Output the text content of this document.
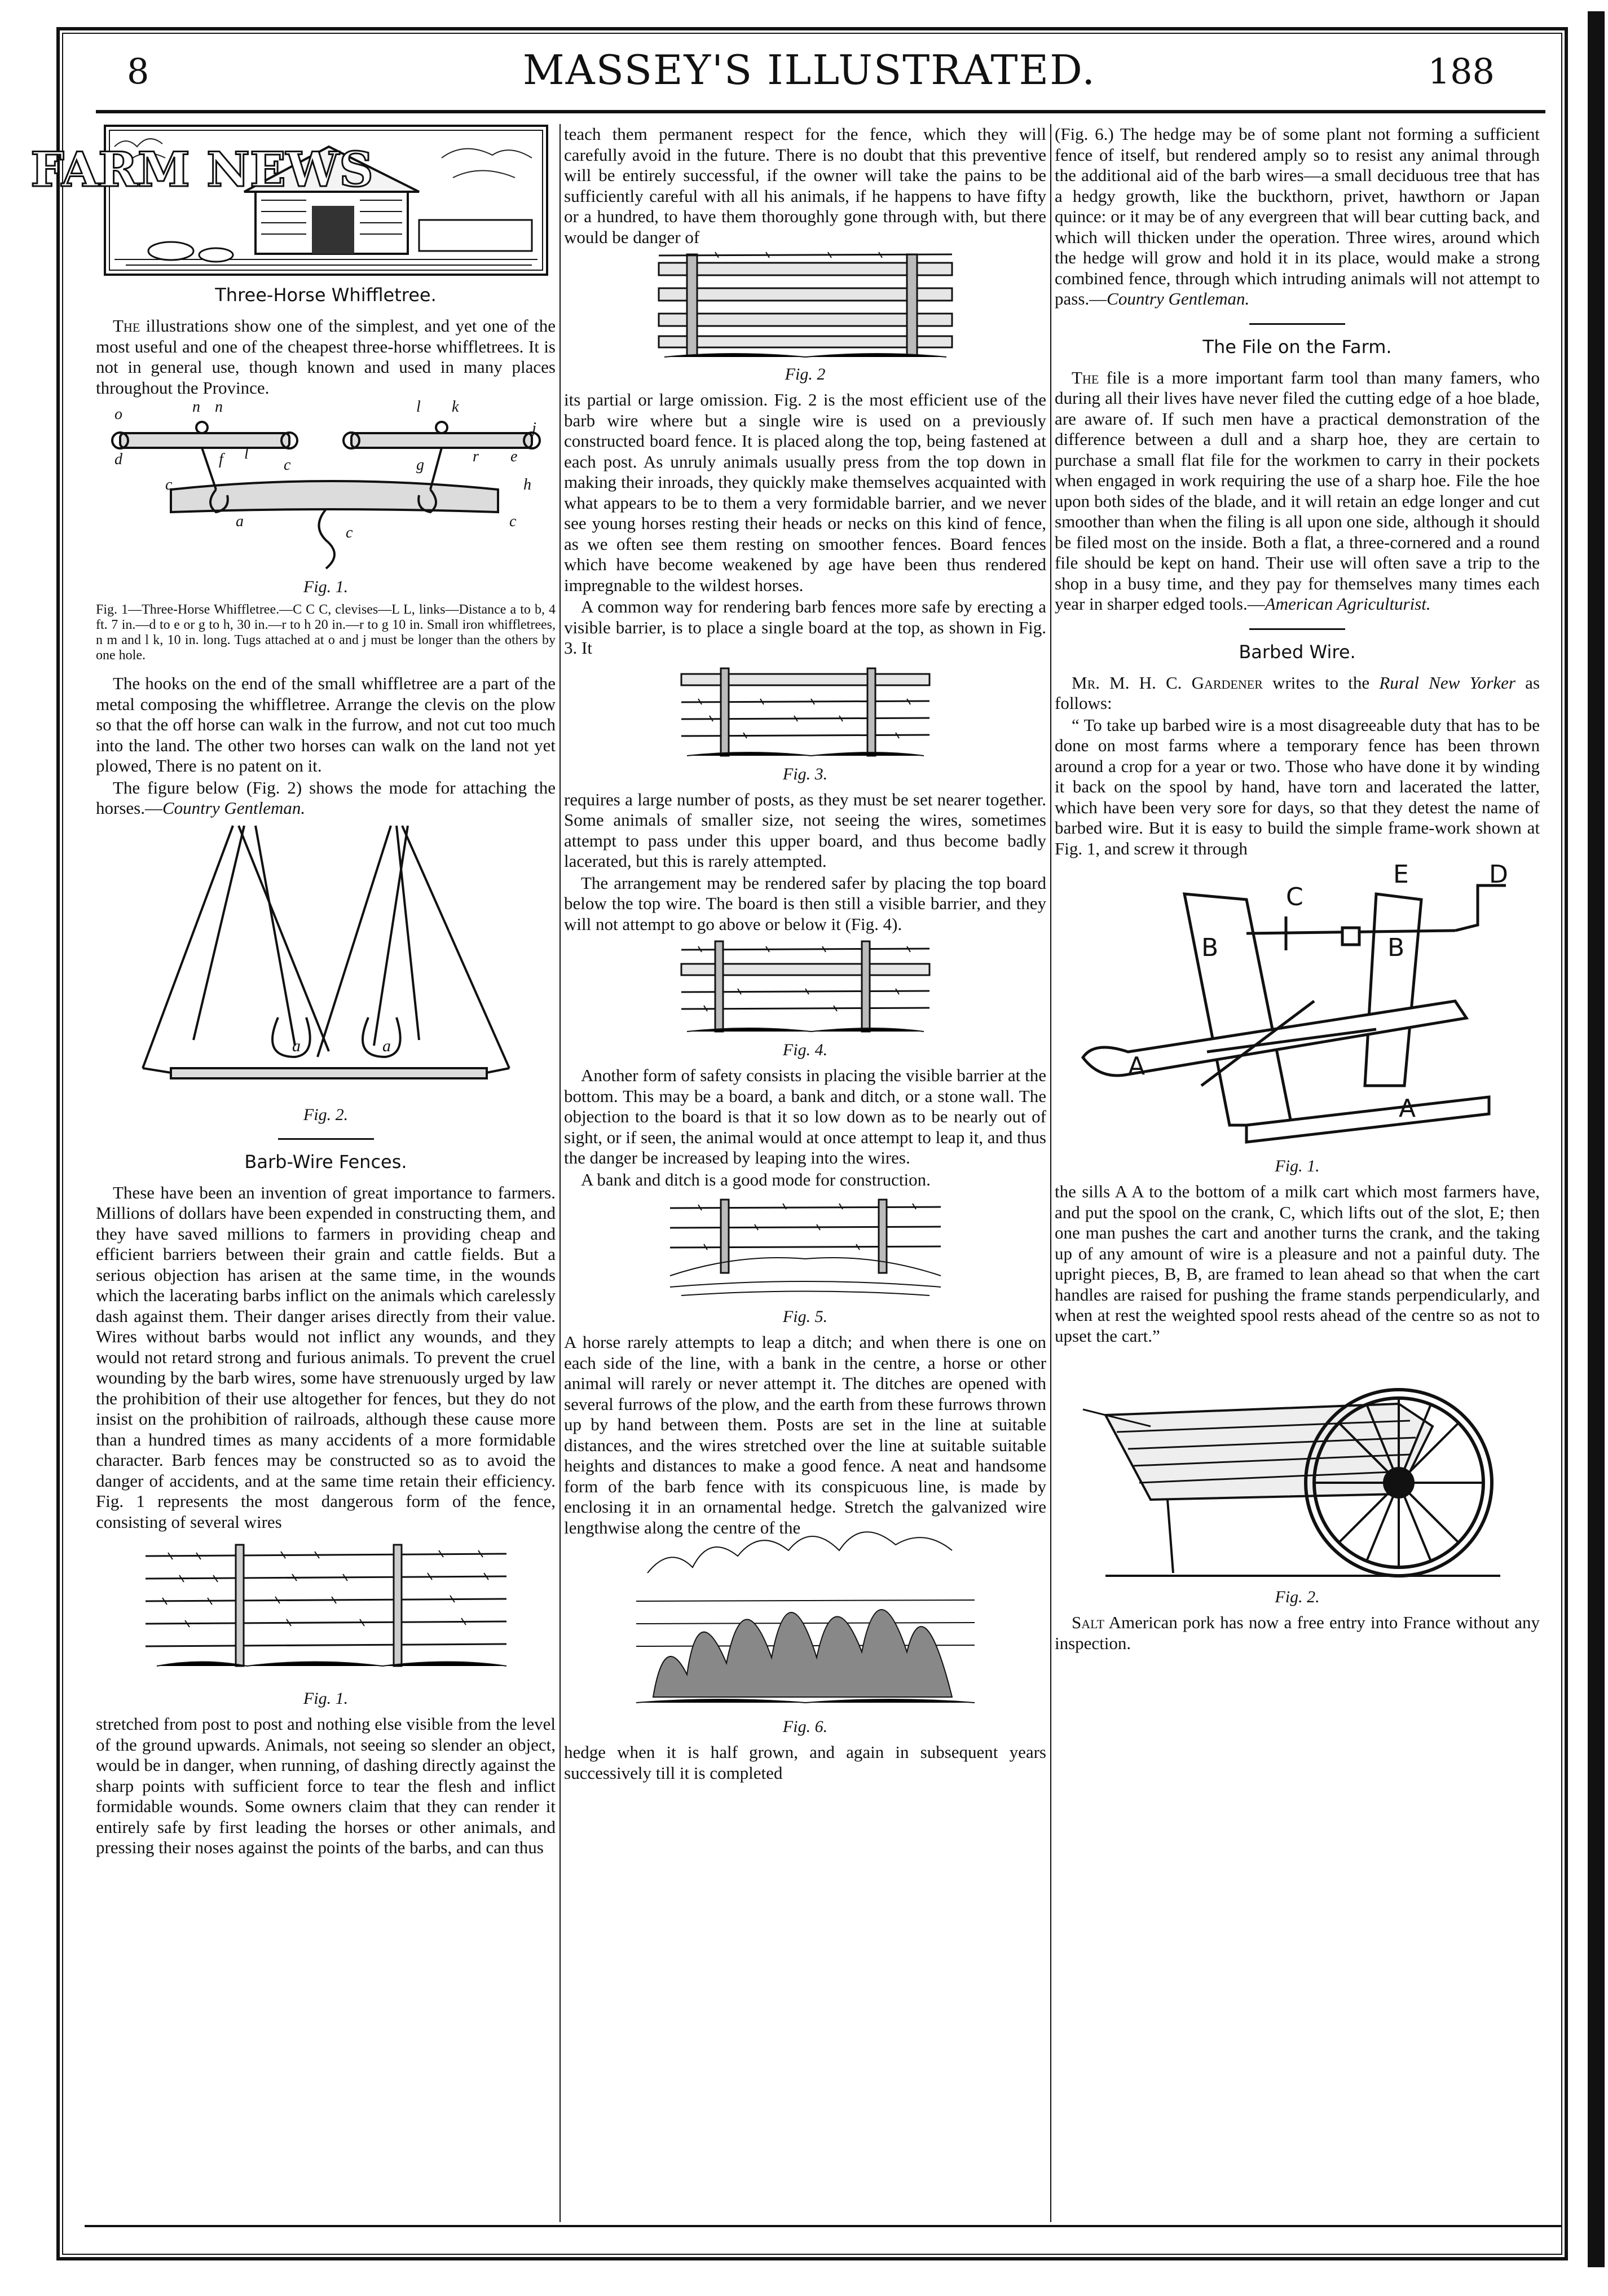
8	MASSEY'S ILLUSTRATED.	188
FARM NEWS
Three-Horse Whiffletree.

The illustrations show one of the simplest, and yet one of the most useful and one of the cheapest three-horse whiffletrees. It is not in general use, though known and used in many places throughout the Province.

o	n n
j
f l
l k
r e
d
c
c	g
h
a
c
c
Fig. 1.

Fig. 1—Three-Horse Whiffletree.—C C C, clevises—L L, links—Distance a to b, 4 ft. 7 in.—d to e or g to h, 30 in.—r to h 20 in.—r to g 10 in. Small iron whiffletrees, n m and l k, 10 in. long. Tugs attached at o and j must be longer than the others by one hole.

The hooks on the end of the small whiffletree are a part of the metal composing the whiffletree. Arrange the clevis on the plow so that the off horse can walk in the furrow, and not cut too much into the land. The other two horses can walk on the land not yet plowed, There is no patent on it.

The figure below (Fig. 2) shows the mode for attaching the horses.—Country Gentleman.

a	a
Fig. 2.
Barb-Wire Fences.

These have been an invention of great importance to farmers. Millions of dollars have been expended in constructing them, and they have saved millions to farmers in providing cheap and efficient barriers between their grain and cattle fields. But a serious objection has arisen at the same time, in the wounds which the lacerating barbs inflict on the animals which carelessly dash against them. Their danger arises directly from their value. Wires without barbs would not inflict any wounds, and they would not retard strong and furious animals. To prevent the cruel wounding by the barb wires, some have strenuously urged by law the prohibition of their use altogether for fences, but they do not insist on the prohibition of railroads, although these cause more than a hundred times as many accidents of a more formidable character. Barb fences may be constructed so as to avoid the danger of accidents, and at the same time retain their efficiency. Fig. 1 represents the most dangerous form of the fence, consisting of several wires

Fig. 1.

stretched from post to post and nothing else visible from the level of the ground upwards. Animals, not seeing so slender an object, would be in danger, when running, of dashing directly against the sharp points with sufficient force to tear the flesh and inflict formidable wounds. Some owners claim that they can render it entirely safe by first leading the horses or other animals, and pressing their noses against the points of the barbs, and can thus

teach them permanent respect for the fence, which they will carefully avoid in the future. There is no doubt that this preventive will be entirely successful, if the owner will take the pains to be sufficiently careful with all his animals, if he happens to have fifty or a hundred, to have them thoroughly gone through with, but there would be danger of

Fig. 2

its partial or large omission. Fig. 2 is the most efficient use of the barb wire where but a single wire is used on a previously constructed board fence. It is placed along the top, being fastened at each post. As unruly animals usually press from the top down in making their inroads, they quickly make themselves acquainted with what appears to be to them a very formidable barrier, and we never see young horses resting their heads or necks on this kind of fence, as we often see them resting on smoother fences. Board fences which have become weakened by age have been thus rendered impregnable to the wildest horses.

A common way for rendering barb fences more safe by erecting a visible barrier, is to place a single board at the top, as shown in Fig. 3. It

Fig. 3.

requires a large number of posts, as they must be set nearer together. Some animals of smaller size, not seeing the wires, sometimes attempt to pass under this upper board, and thus become badly lacerated, but this is rarely attempted.

The arrangement may be rendered safer by placing the top board below the top wire. The board is then still a visible barrier, and they will not attempt to go above or below it (Fig. 4).

Fig. 4.

Another form of safety consists in placing the visible barrier at the bottom. This may be a board, a bank and ditch, or a stone wall. The objection to the board is that it so low down as to be nearly out of sight, or if seen, the animal would at once attempt to leap it, and thus the danger be increased by leaping into the wires.

A bank and ditch is a good mode for construction.

Fig. 5.

A horse rarely attempts to leap a ditch; and when there is one on each side of the line, with a bank in the centre, a horse or other animal will rarely or never attempt it. The ditches are opened with several furrows of the plow, and the earth from these furrows thrown up by hand between them. Posts are set in the line at suitable distances, and the wires stretched over the line at suitable suitable heights and distances to make a good fence. A neat and handsome form of the barb fence with its conspicuous line, is made by enclosing it in an ornamental hedge. Stretch the galvanized wire lengthwise along the centre of the

Fig. 6.

hedge when it is half grown, and again in subsequent years successively till it is completed

(Fig. 6.) The hedge may be of some plant not forming a sufficient fence of itself, but rendered amply so to resist any animal through the additional aid of the barb wires—a small deciduous tree that has a hedgy growth, like the buckthorn, privet, hawthorn or Japan quince: or it may be of any evergreen that will bear cutting back, and which will thicken under the operation. Three wires, around which the hedge will grow and hold it in its place, would make a strong combined fence, through which intruding animals will not attempt to pass.—Country Gentleman.

The File on the Farm.

The file is a more important farm tool than many famers, who during all their lives have never filed the cutting edge of a hoe blade, are aware of. If such men have a practical demonstration of the difference between a dull and a sharp hoe, they are certain to purchase a small flat file for the workmen to carry in their pockets when engaged in work requiring the use of a sharp hoe. File the hoe upon both sides of the blade, and it will retain an edge longer and cut smoother than when the filing is all upon one side, although it should be filed most on the inside. Both a flat, a three-cornered and a round file should be kept on hand. Their use will often save a trip to the shop in a busy time, and they pay for themselves many times each year in sharper edged tools.—American Agriculturist.

Barbed Wire.

Mr. M. H. C. Gardener writes to the Rural New Yorker as follows:

“ To take up barbed wire is a most disagreeable duty that has to be done on most farms where a temporary fence has been thrown around a crop for a year or two. Those who have done it by winding it back on the spool by hand, have torn and lacerated the latter, which have been very sore for days, so that they detest the name of barbed wire. But it is easy to build the simple frame-work shown at Fig. 1, and screw it through

C
E	D
B	B
A
A
Fig. 1.

the sills A A to the bottom of a milk cart which most farmers have, and put the spool on the crank, C, which lifts out of the slot, E; then one man pushes the cart and another turns the crank, and the taking up of any amount of wire is a pleasure and not a painful duty. The upright pieces, B, B, are framed to lean ahead so that when the cart handles are raised for pushing the frame stands perpendicularly, and when at rest the weighted spool rests ahead of the centre so as not to upset the cart.”

Fig. 2.

Salt American pork has now a free entry into France without any inspection.
